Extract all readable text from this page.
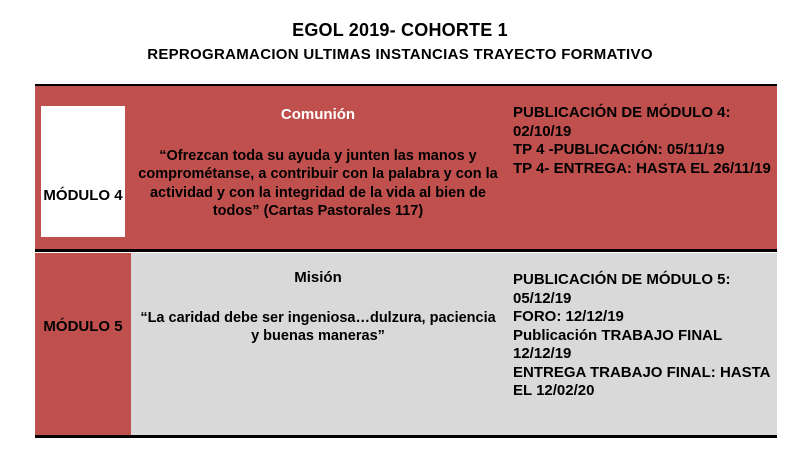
EGOL 2019- COHORTE 1
REPROGRAMACION ULTIMAS INSTANCIAS TRAYECTO FORMATIVO
MÓDULO 4
Comunión
“Ofrezcan toda su ayuda y junten las manos y comprométanse, a contribuir con la palabra y con la actividad y con la integridad de la vida al bien de todos” (Cartas Pastorales 117)
PUBLICACIÓN DE MÓDULO 4: 02/10/19
TP 4 -PUBLICACIÓN: 05/11/19
TP 4- ENTREGA: HASTA EL 26/11/19
MÓDULO 5
Misión
“La caridad debe ser ingeniosa…dulzura, paciencia y buenas maneras”
PUBLICACIÓN DE MÓDULO 5: 05/12/19
FORO: 12/12/19
Publicación TRABAJO FINAL 12/12/19
ENTREGA TRABAJO FINAL: HASTA EL 12/02/20
